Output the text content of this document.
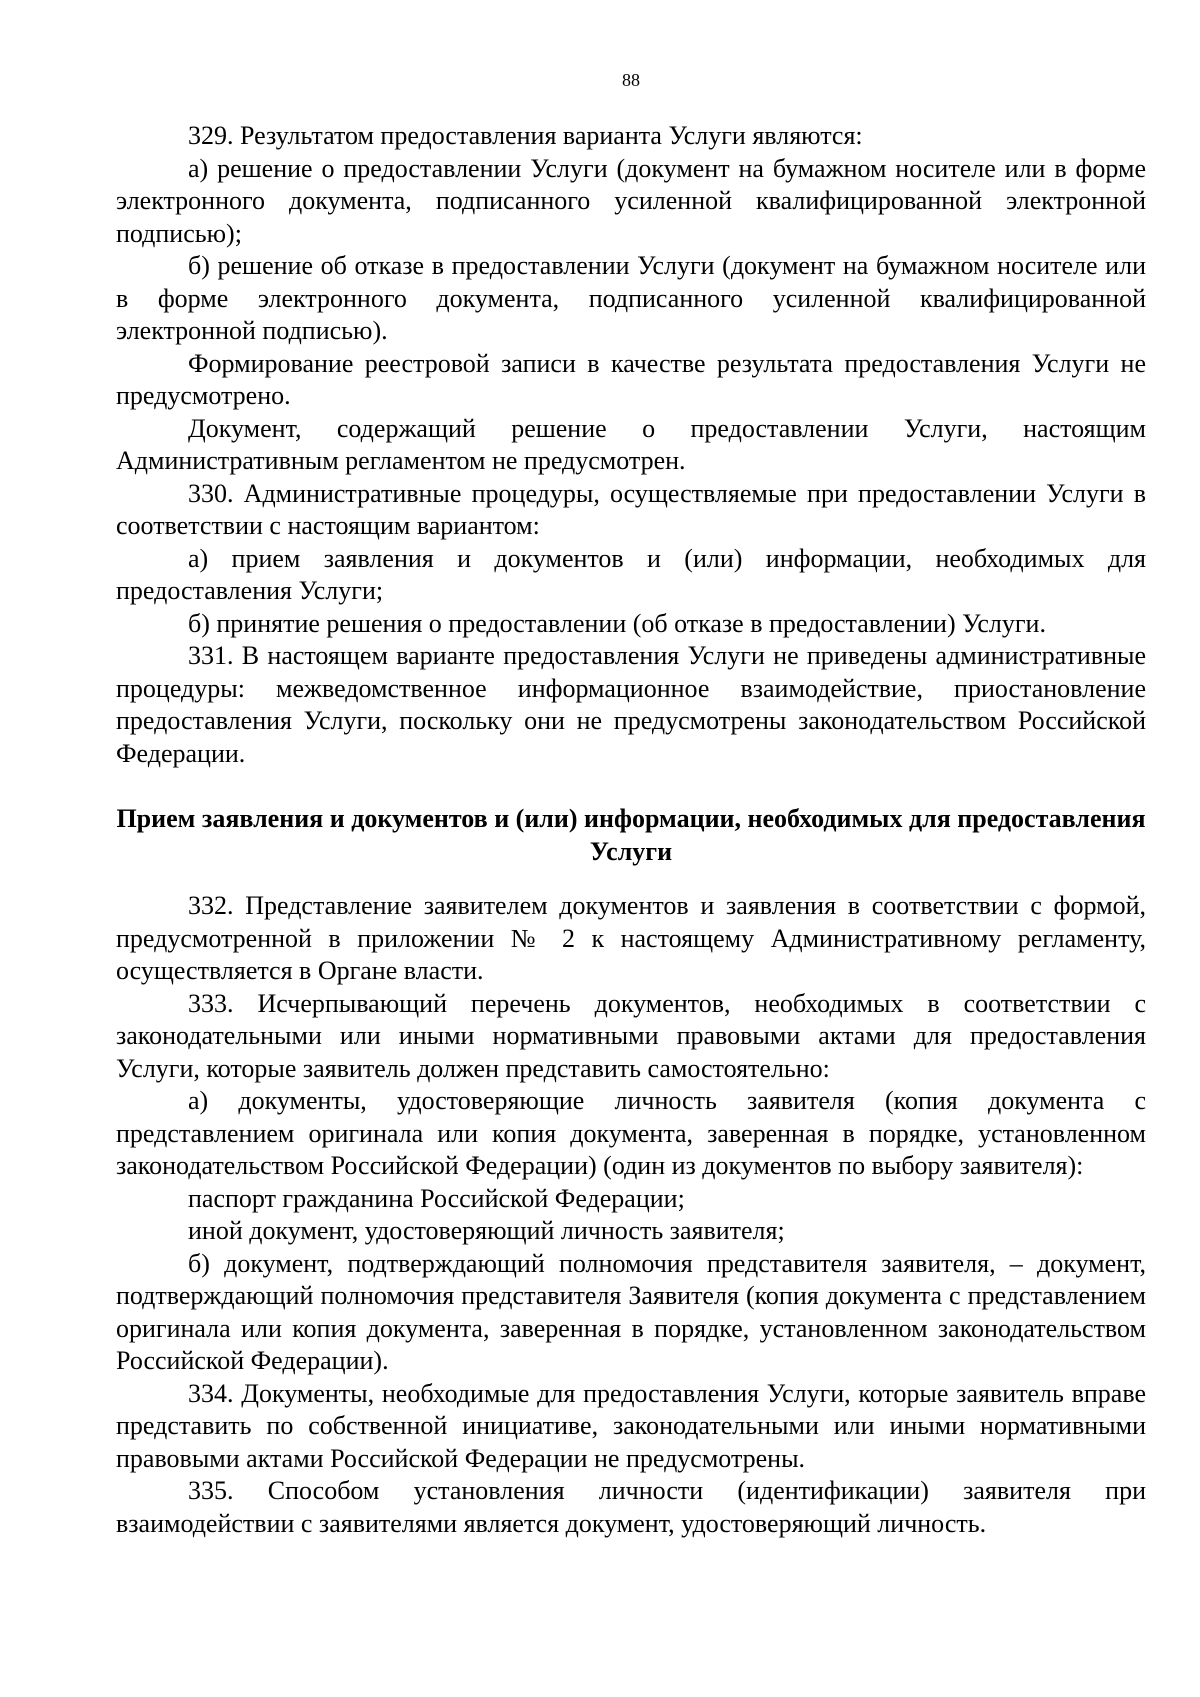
88

329. Результатом предоставления варианта Услуги являются:

а) решение о предоставлении Услуги (документ на бумажном носителе или в форме электронного документа, подписанного усиленной квалифицированной электронной подписью);

б) решение об отказе в предоставлении Услуги (документ на бумажном носителе или в форме электронного документа, подписанного усиленной квалифицированной электронной подписью).

Формирование реестровой записи в качестве результата предоставления Услуги не предусмотрено.

Документ, содержащий решение о предоставлении Услуги, настоящим Административным регламентом не предусмотрен.

330. Административные процедуры, осуществляемые при предоставлении Услуги в соответствии с настоящим вариантом:

а) прием заявления и документов и (или) информации, необходимых для предоставления Услуги;

б) принятие решения о предоставлении (об отказе в предоставлении) Услуги.

331. В настоящем варианте предоставления Услуги не приведены административные процедуры: межведомственное информационное взаимодействие, приостановление предоставления Услуги, поскольку они не предусмотрены законодательством Российской Федерации.

Прием заявления и документов и (или) информации, необходимых для предоставления Услуги

332. Представление заявителем документов и заявления в соответствии с формой, предусмотренной в приложении № 2 к настоящему Административному регламенту, осуществляется в Органе власти.

333. Исчерпывающий перечень документов, необходимых в соответствии с законодательными или иными нормативными правовыми актами для предоставления Услуги, которые заявитель должен представить самостоятельно:

а) документы, удостоверяющие личность заявителя (копия документа с представлением оригинала или копия документа, заверенная в порядке, установленном законодательством Российской Федерации) (один из документов по выбору заявителя):

паспорт гражданина Российской Федерации;

иной документ, удостоверяющий личность заявителя;

б) документ, подтверждающий полномочия представителя заявителя, – документ, подтверждающий полномочия представителя Заявителя (копия документа с представлением оригинала или копия документа, заверенная в порядке, установленном законодательством Российской Федерации).

334. Документы, необходимые для предоставления Услуги, которые заявитель вправе представить по собственной инициативе, законодательными или иными нормативными правовыми актами Российской Федерации не предусмотрены.

335. Способом установления личности (идентификации) заявителя при взаимодействии с заявителями является документ, удостоверяющий личность.
